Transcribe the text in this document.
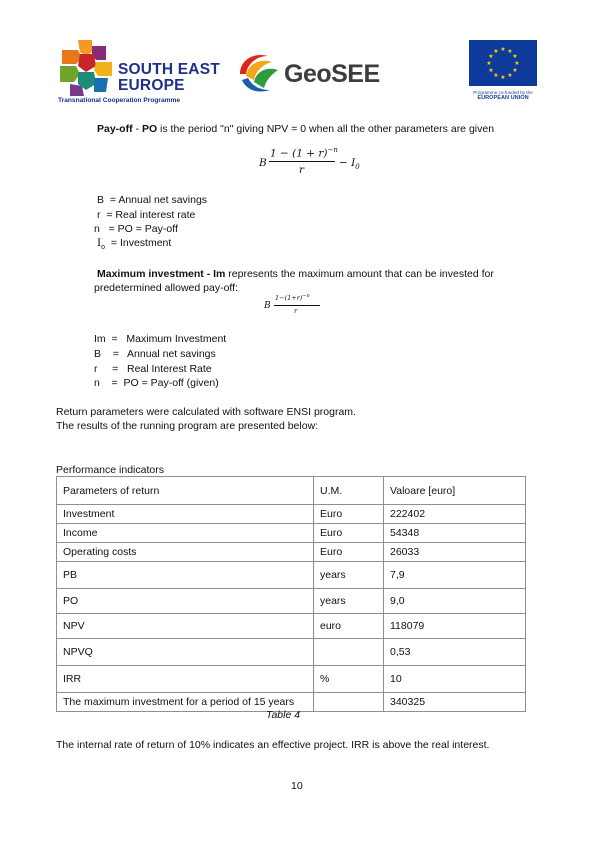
SOUTH EAST
EUROPE
Transnational Cooperation Programme
GeoSEE
★ ★
★
★
★
★
★
★
★
★
★
★
Programme co-funded by the
EUROPEAN UNION
Pay-off - PO is the period "n" giving NPV = 0 when all the other parameters are given
B
$1 - (1 + r)^{-n}$
r
− $I_0$
B = Annual net savings
r = Real interest rate
n = PO = Pay-off
$I_o$ = Investment
Maximum investment - Im represents the maximum amount that can be invested for
predetermined allowed pay-off:
B
$1-(1+r)^{-n}$
r
Im = Maximum Investment
B = Annual net savings
r = Real Interest Rate
n = PO = Pay-off (given)
Return parameters were calculated with software ENSI program.
The results of the running program are presented below:
Performance indicators
Parameters of return	U.M.	Valoare [euro]
Investment	Euro	222402
Income	Euro	54348
Operating costs	Euro	26033
PB	years	7,9
PO	years	9,0
NPV	euro	118079
NPVQ		0,53
IRR	%	10
The maximum investment for a period of 15 years		340325
Table 4
The internal rate of return of 10% indicates an effective project. IRR is above the real interest.
10
